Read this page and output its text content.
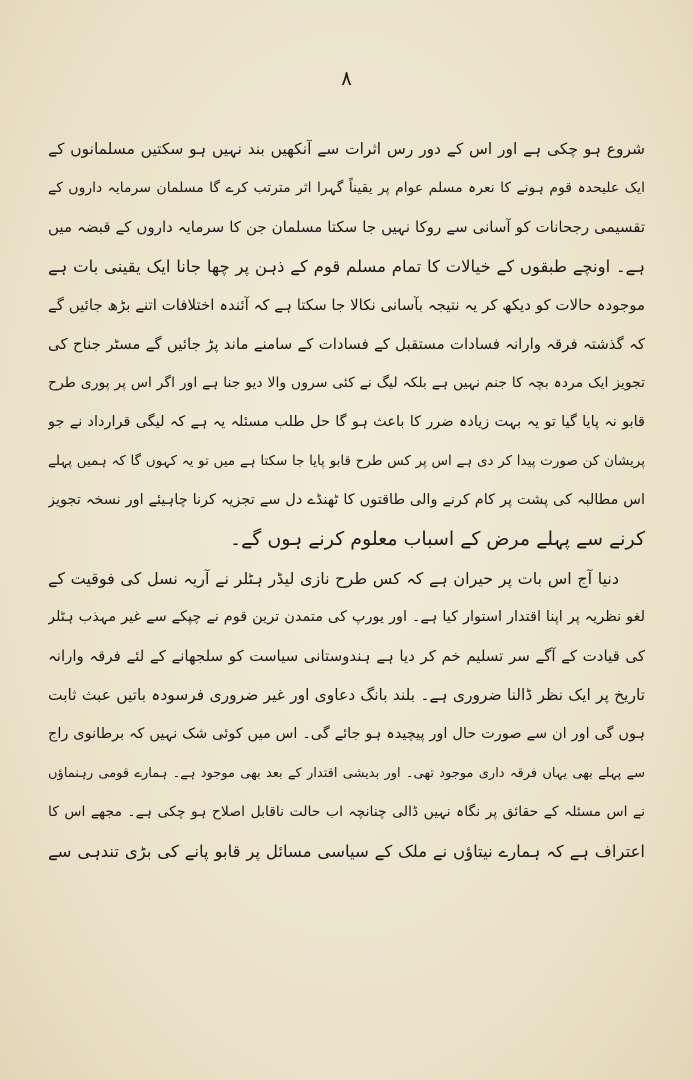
۸
شروع ہو چکی ہے اور اس کے دور رس اثرات سے آنکھیں بند نہیں ہو سکتیں مسلمانوں کے
ایک علیحدہ قوم ہونے کا نعرہ مسلم عوام پر یقیناً گہرا اثر مترتب کرے گا مسلمان سرمایہ داروں کے
تقسیمی رجحانات کو آسانی سے روکا نہیں جا سکتا مسلمان جن کا سرمایہ داروں کے قبضہ میں
ہے۔ اونچے طبقوں کے خیالات کا تمام مسلم قوم کے ذہن پر چھا جانا ایک یقینی بات ہے
موجودہ حالات کو دیکھ کر یہ نتیجہ بآسانی نکالا جا سکتا ہے کہ آئندہ اختلافات اتنے بڑھ جائیں گے
کہ گذشتہ فرقہ وارانہ فسادات مستقبل کے فسادات کے سامنے ماند پڑ جائیں گے مسٹر جناح کی
تجویز ایک مردہ بچہ کا جنم نہیں ہے بلکہ لیگ نے کئی سروں والا دیو جنا ہے اور اگر اس پر پوری طرح
قابو نہ پایا گیا تو یہ بہت زیادہ ضرر کا باعث ہو گا حل طلب مسئلہ یہ ہے کہ لیگی قرارداد نے جو
پریشان کن صورت پیدا کر دی ہے اس پر کس طرح قابو پایا جا سکتا ہے میں تو یہ کہوں گا کہ ہمیں پہلے
اس مطالبہ کی پشت پر کام کرنے والی طاقتوں کا ٹھنڈے دل سے تجزیہ کرنا چاہیئے اور نسخہ تجویز
کرنے سے پہلے مرض کے اسباب معلوم کرنے ہوں گے۔
دنیا آج اس بات پر حیران ہے کہ کس طرح نازی لیڈر ہٹلر نے آریہ نسل کی فوقیت کے
لغو نظریہ پر اپنا اقتدار استوار کیا ہے۔ اور یورپ کی متمدن ترین قوم نے چپکے سے غیر مہذب ہٹلر
کی قیادت کے آگے سر تسلیم خم کر دیا ہے ہندوستانی سیاست کو سلجھانے کے لئے فرقہ وارانہ
تاریخ پر ایک نظر ڈالنا ضروری ہے۔ بلند بانگ دعاوی اور غیر ضروری فرسودہ باتیں عبث ثابت
ہوں گی اور ان سے صورت حال اور پیچیدہ ہو جائے گی۔ اس میں کوئی شک نہیں کہ برطانوی راج
سے پہلے بھی یہاں فرقہ داری موجود تھی۔ اور بدیشی اقتدار کے بعد بھی موجود ہے۔ ہمارے قومی رہنماؤں
نے اس مسئلہ کے حقائق پر نگاہ نہیں ڈالی چنانچہ اب حالت ناقابل اصلاح ہو چکی ہے۔ مجھے اس کا
اعتراف ہے کہ ہمارے نیتاؤں نے ملک کے سیاسی مسائل پر قابو پانے کی بڑی تندہی سے
